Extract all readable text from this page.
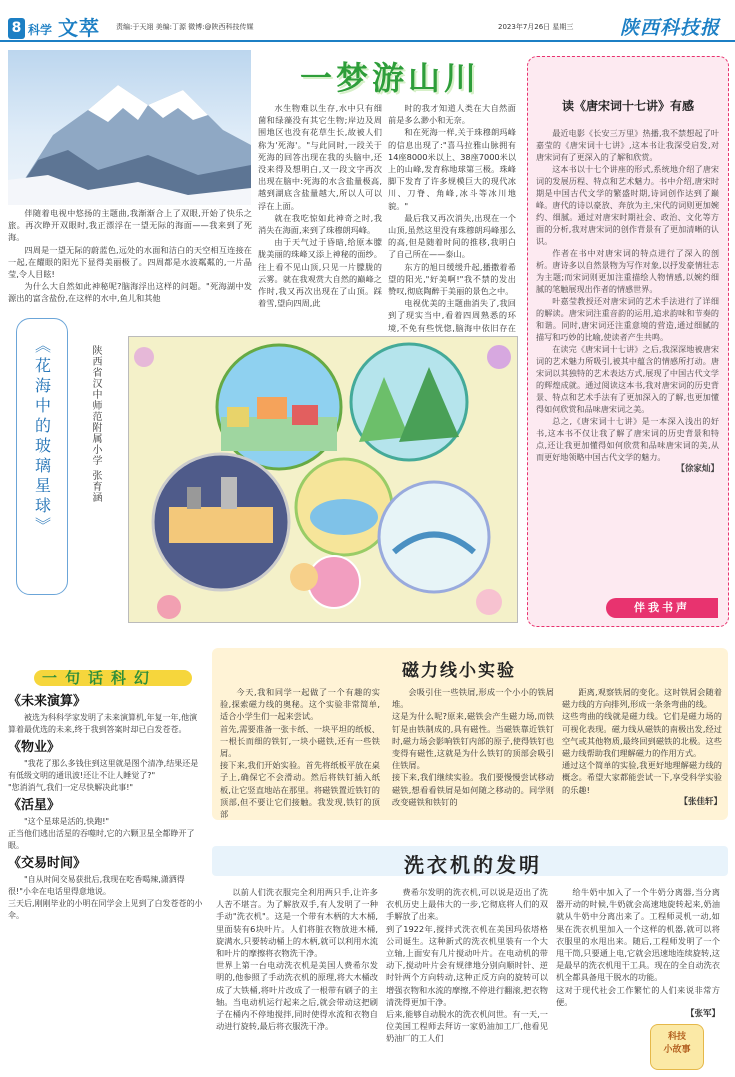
8 科学 文萃 责编:于天翊 美编:丁源 微博:@陕西科技传媒	2023年7月26日 星期三 陕西科技报
一梦游山川

伴随着电视中悠扬的主题曲,我渐渐合上了双眼,开始了快乐之旅。再次睁开双眼时,我正漂浮在一望无际的海面——我来到了死海。

四周是一望无际的蔚蓝色,远处的水面和洁白的天空相互连接在一起,在耀眼的阳光下显得美丽极了。四周都是水波粼粼的,一片晶莹,令人目眩!

为什么大自然如此神秘呢?脑海浮出这样的问题。"死海湖中发源出的富含盐份,在这样的水中,鱼儿和其他

水生物难以生存,水中只有细菌和绿藻没有其它生物;岸边及周围地区也没有花草生长,故被人们称为'死海'。"与此同时,一段关于死海的回答出现在我的头脑中,还没来得及想明白,又一段文字再次出现在脑中:死海的水含盐量极高,越到湖底含盐量越大,所以人可以浮在上面。

就在我吃惊如此神奇之时,我消失在海面,来到了珠穆朗玛峰。

由于天气过于昏暗,给原本朦胧美丽的珠峰又添上神秘的面纱。往上看不见山顶,只见一片朦胧的云雾。就在我观赏大自然的巅峰之作时,我又再次出现在了山顶。踩着雪,望向四周,此

时的我才知道人类在大自然面前是多么渺小和无奈。

和在死海一样,关于珠穆朗玛峰的信息出现了:"喜马拉雅山脉拥有14座8000米以上、38座7000米以上的山峰,发育称地球第三极。珠峰脚下发育了许多规模巨大的现代冰川、刀脊、角峰,冰斗等冰川地貌。"

最后我又再次消失,出现在一个山顶,虽然这里没有珠穆朗玛峰那么的高,但是随着时间的推移,我明白了自己所在——泰山。

东方的旭日缓缓升起,播撒着希望的阳光,"好美啊!"我不禁的发出赞叹,彻底陶醉于美丽的景色之中。

电视优美的主题曲消失了,我回到了现实当中,看着四周熟悉的环境,不免有些恍惚,脑海中依旧存在

读《唐宋词十七讲》有感

最近电影《长安三万里》热播,我不禁想起了叶嘉莹的《唐宋词十七讲》,这本书让我深受启发,对唐宋词有了更深入的了解和欣赏。

这本书以十七个讲座的形式,系统地介绍了唐宋词的发展历程、特点和艺术魅力。书中介绍,唐宋时期是中国古代文学的繁盛时期,诗词创作达到了巅峰。唐代的诗以豪放、奔放为主,宋代的词则更加婉约、细腻。通过对唐宋时期社会、政治、文化等方面的分析,我对唐宋词的创作背景有了更加清晰的认识。

作者在书中对唐宋词的特点进行了深入的剖析。唐诗多以自然景物为写作对象,以抒发豪情壮志为主题;而宋词则更加注重描绘人物情感,以婉约细腻的笔触展现出作者的情感世界。

叶嘉莹教授还对唐宋词的艺术手法进行了详细的解读。唐宋词注重音韵的运用,追求韵味和节奏的和谐。同时,唐宋词还注重意境的营造,通过细腻的描写和巧妙的比喻,使读者产生共鸣。

在读完《唐宋词十七讲》之后,我深深地被唐宋词的艺术魅力所吸引,被其中蕴含的情感所打动。唐宋词以其独特的艺术表达方式,展现了中国古代文学的辉煌成就。通过阅读这本书,我对唐宋词的历史背景、特点和艺术手法有了更加深入的了解,也更加懂得如何欣赏和品味唐宋词之美。

总之,《唐宋词十七讲》是一本深入浅出的好书,这本书不仅让我了解了唐宋词的历史背景和特点,还让我更加懂得如何欣赏和品味唐宋词的美,从而更好地领略中国古代文学的魅力。

【徐家灿】
伴我书声
《花海中的玻璃星球》	陕西省汉中师范附属小学 张育涵
一句话科幻
《未来演算》
被选为科科学家发明了未来演算机,年复一年,他演算着最优选的未来,终于我到答案时却已白发苍苍。
《物业》
"我花了那么多钱住到这里就是图个清净,结果还是有低级文明的通讯波!还让不让人睡觉了?"
"您消消气,我们一定尽快解决此事!"
《活星》
"这个星球是活的,快跑!"
正当他们逃出活星的吞噬时,它的六颗卫星全都睁开了眼。
《交易时间》
"自从时间交易获批后,我现在吃香喝辣,潇洒得很!"小伞在电话里得意地说。
三天后,刚刚毕业的小明在同学会上见到了白发苍苍的小伞。
磁力线小实验
今天,我和同学一起做了一个有趣的实验,探索磁力线的奥秘。这个实验非常简单,适合小学生们一起来尝试。
首先,需要准备一张卡纸、一块平坦的纸板、一根长而细的铁钉,一块小磁铁,还有一些铁屑。
接下来,我们开始实验。首先将纸板平放在桌子上,确保它不会滑动。然后将铁钉插入纸板,让它竖直地站在那里。将磁铁置近铁钉的顶部,但不要让它们接触。我发现,铁钉的顶部
会吸引住一些铁屑,形成一个小小的铁屑堆。
这是为什么呢?原来,磁铁会产生磁力场,而铁钉是由铁制成的,具有磁性。当磁铁靠近铁钉时,磁力场会影响铁钉内部的原子,使得铁钉也变得有磁性,这就是为什么铁钉的顶部会吸引住铁屑。
接下来,我们继续实验。我们要慢慢尝试移动磁铁,想看看铁屑是如何随之移动的。同学则改变磁铁和铁钉的
距离,观察铁屑的变化。这时铁屑会随着磁力线的方向排列,形成一条条弯曲的线。
这些弯曲的线就是磁力线。它们是磁力场的可视化表现。磁力线从磁铁的南极出发,经过空气或其他物质,最终回到磁铁的北极。这些磁力线帮助我们理解磁力的作用方式。
通过这个简单的实验,我更好地理解磁力线的概念。希望大家都能尝试一下,享受科学实验的乐趣!
【张佳轩】
洗衣机的发明
以前人们洗衣服完全利用两只手,让许多人苦不堪言。为了解放双手,有人发明了一种手动"洗衣机"。这是一个带有木柄的大木桶,里面装有6块叶片。人们将脏衣物放进木桶,旋满水,只要转动桶上的木柄,就可以利用水流和叶片的摩擦将衣物洗干净。
世界上第一台电动洗衣机是美国人费希尔发明的,他参照了手动洗衣机的原理,将大木桶改成了大铁桶,将叶片改成了一根带有刷子的主轴。当电动机运行起来之后,就会带动这把刷子在桶内不停地搅拌,同时使得水流和衣物自动进行旋转,最后将衣服洗干净。
费希尔发明的洗衣机,可以说是迈出了洗衣机历史上最伟大的一步,它彻底将人们的双手解放了出来。
到了1922年,搅拌式洗衣机在美国玛依塔格公司诞生。这种新式的洗衣机里装有一个大立轴,上面安有几片搅动叶片。在电动机的带动下,搅动叶片会有规律地分别向顺时针、逆时针两个方向转动,这种正反方向的旋转可以增强衣物和水流的摩擦,不停进行翻滚,把衣物清洗得更加干净。
后来,能够自动脱水的洗衣机问世。有一天,一位美国工程师去拜访一家奶油加工厂,他看见奶油厂的工人们
给牛奶中加入了一个牛奶分离器,当分离器开动的时候,牛奶就会高速地旋转起来,奶油就从牛奶中分离出来了。工程师灵机一动,如果在洗衣机里加入一个这样的机器,就可以将衣服里的水甩出来。随后,工程师发明了一个甩干筒,只要通上电,它就会迅速地连续旋转,这是最早的洗衣机甩干工具。现在的全自动洗衣机全都具备甩干脱水的功能。
这对于现代社会工作繁忙的人们来说非常方便。
【张军】
科技
小故事
